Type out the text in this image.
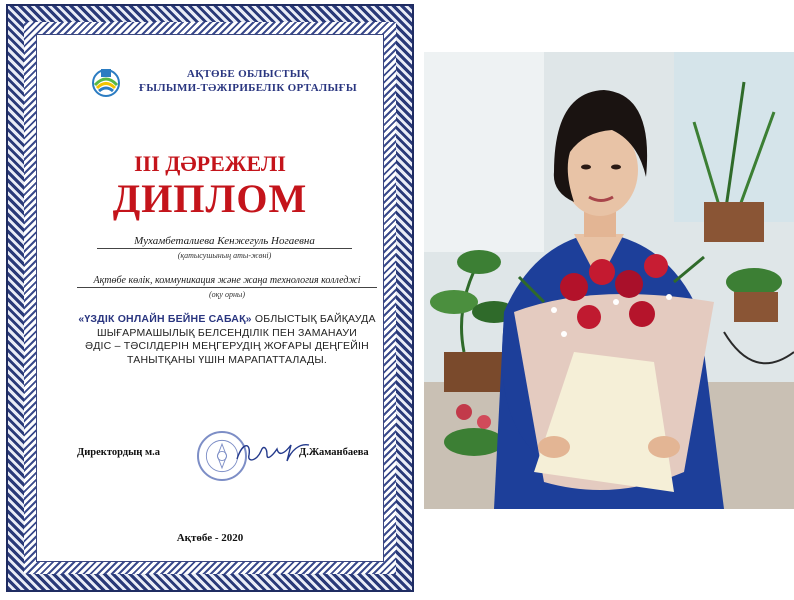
АҚТӨБЕ ОБЛЫСТЫҚ
ҒЫЛЫМИ-ТӘЖІРИБЕЛІК ОРТАЛЫҒЫ
ІІІ ДӘРЕЖЕЛІ
ДИПЛОМ
Мухамбеталиева Кенжегуль Ногаевна
(қатысушының аты-жөні)
Ақтөбе көлік, коммуникация және жаңа технология колледжі
(оқу орны)
«ҮЗДІК ОНЛАЙН БЕЙНЕ САБАҚ» ОБЛЫСТЫҚ БАЙҚАУДА
ШЫҒАРМАШЫЛЫҚ БЕЛСЕНДІЛІК ПЕН ЗАМАНАУИ
ӘДІС – ТӘСІЛДЕРІН МЕҢГЕРУДІҢ ЖОҒАРЫ ДЕҢГЕЙІН
ТАНЫТҚАНЫ ҮШІН МАРАПАТТАЛАДЫ.
Директордың м.а	Д.Жаманбаева
Ақтөбе - 2020
